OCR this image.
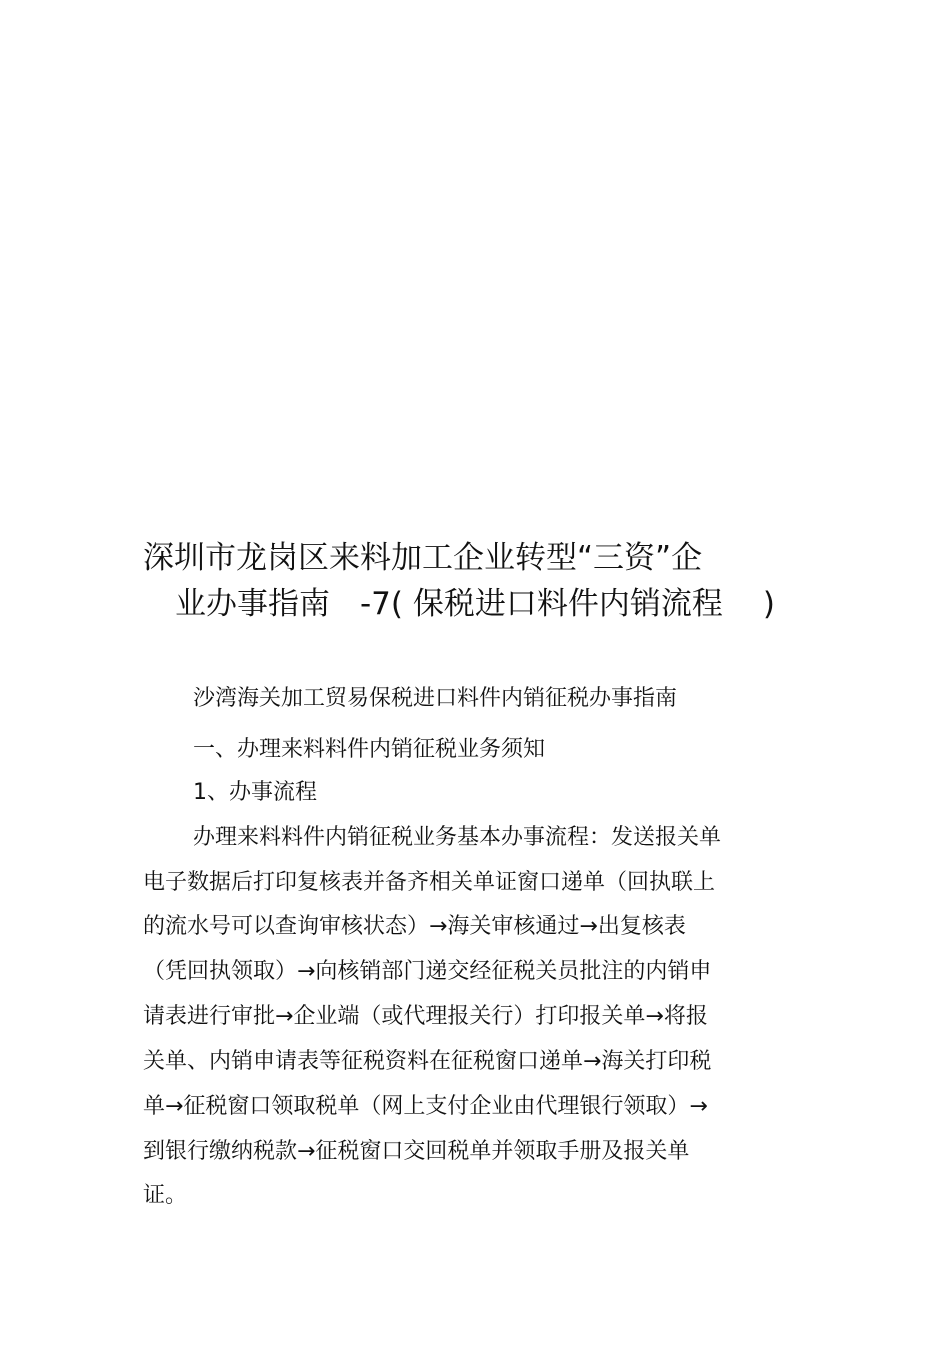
深圳市龙岗区来料加工企业转型“三资”企
业办事指南 -7( 保税进口料件内销流程 )
沙湾海关加工贸易保税进口料件内销征税办事指南
一、办理来料料件内销征税业务须知
1、办事流程
办理来料料件内销征税业务基本办事流程：发送报关单
电子数据后打印复核表并备齐相关单证窗口递单（回执联上
的流水号可以查询审核状态）→海关审核通过→出复核表
（凭回执领取）→向核销部门递交经征税关员批注的内销申
请表进行审批→企业端（或代理报关行）打印报关单→将报
关单、内销申请表等征税资料在征税窗口递单→海关打印税
单→征税窗口领取税单（网上支付企业由代理银行领取）→
到银行缴纳税款→征税窗口交回税单并领取手册及报关单
证。
